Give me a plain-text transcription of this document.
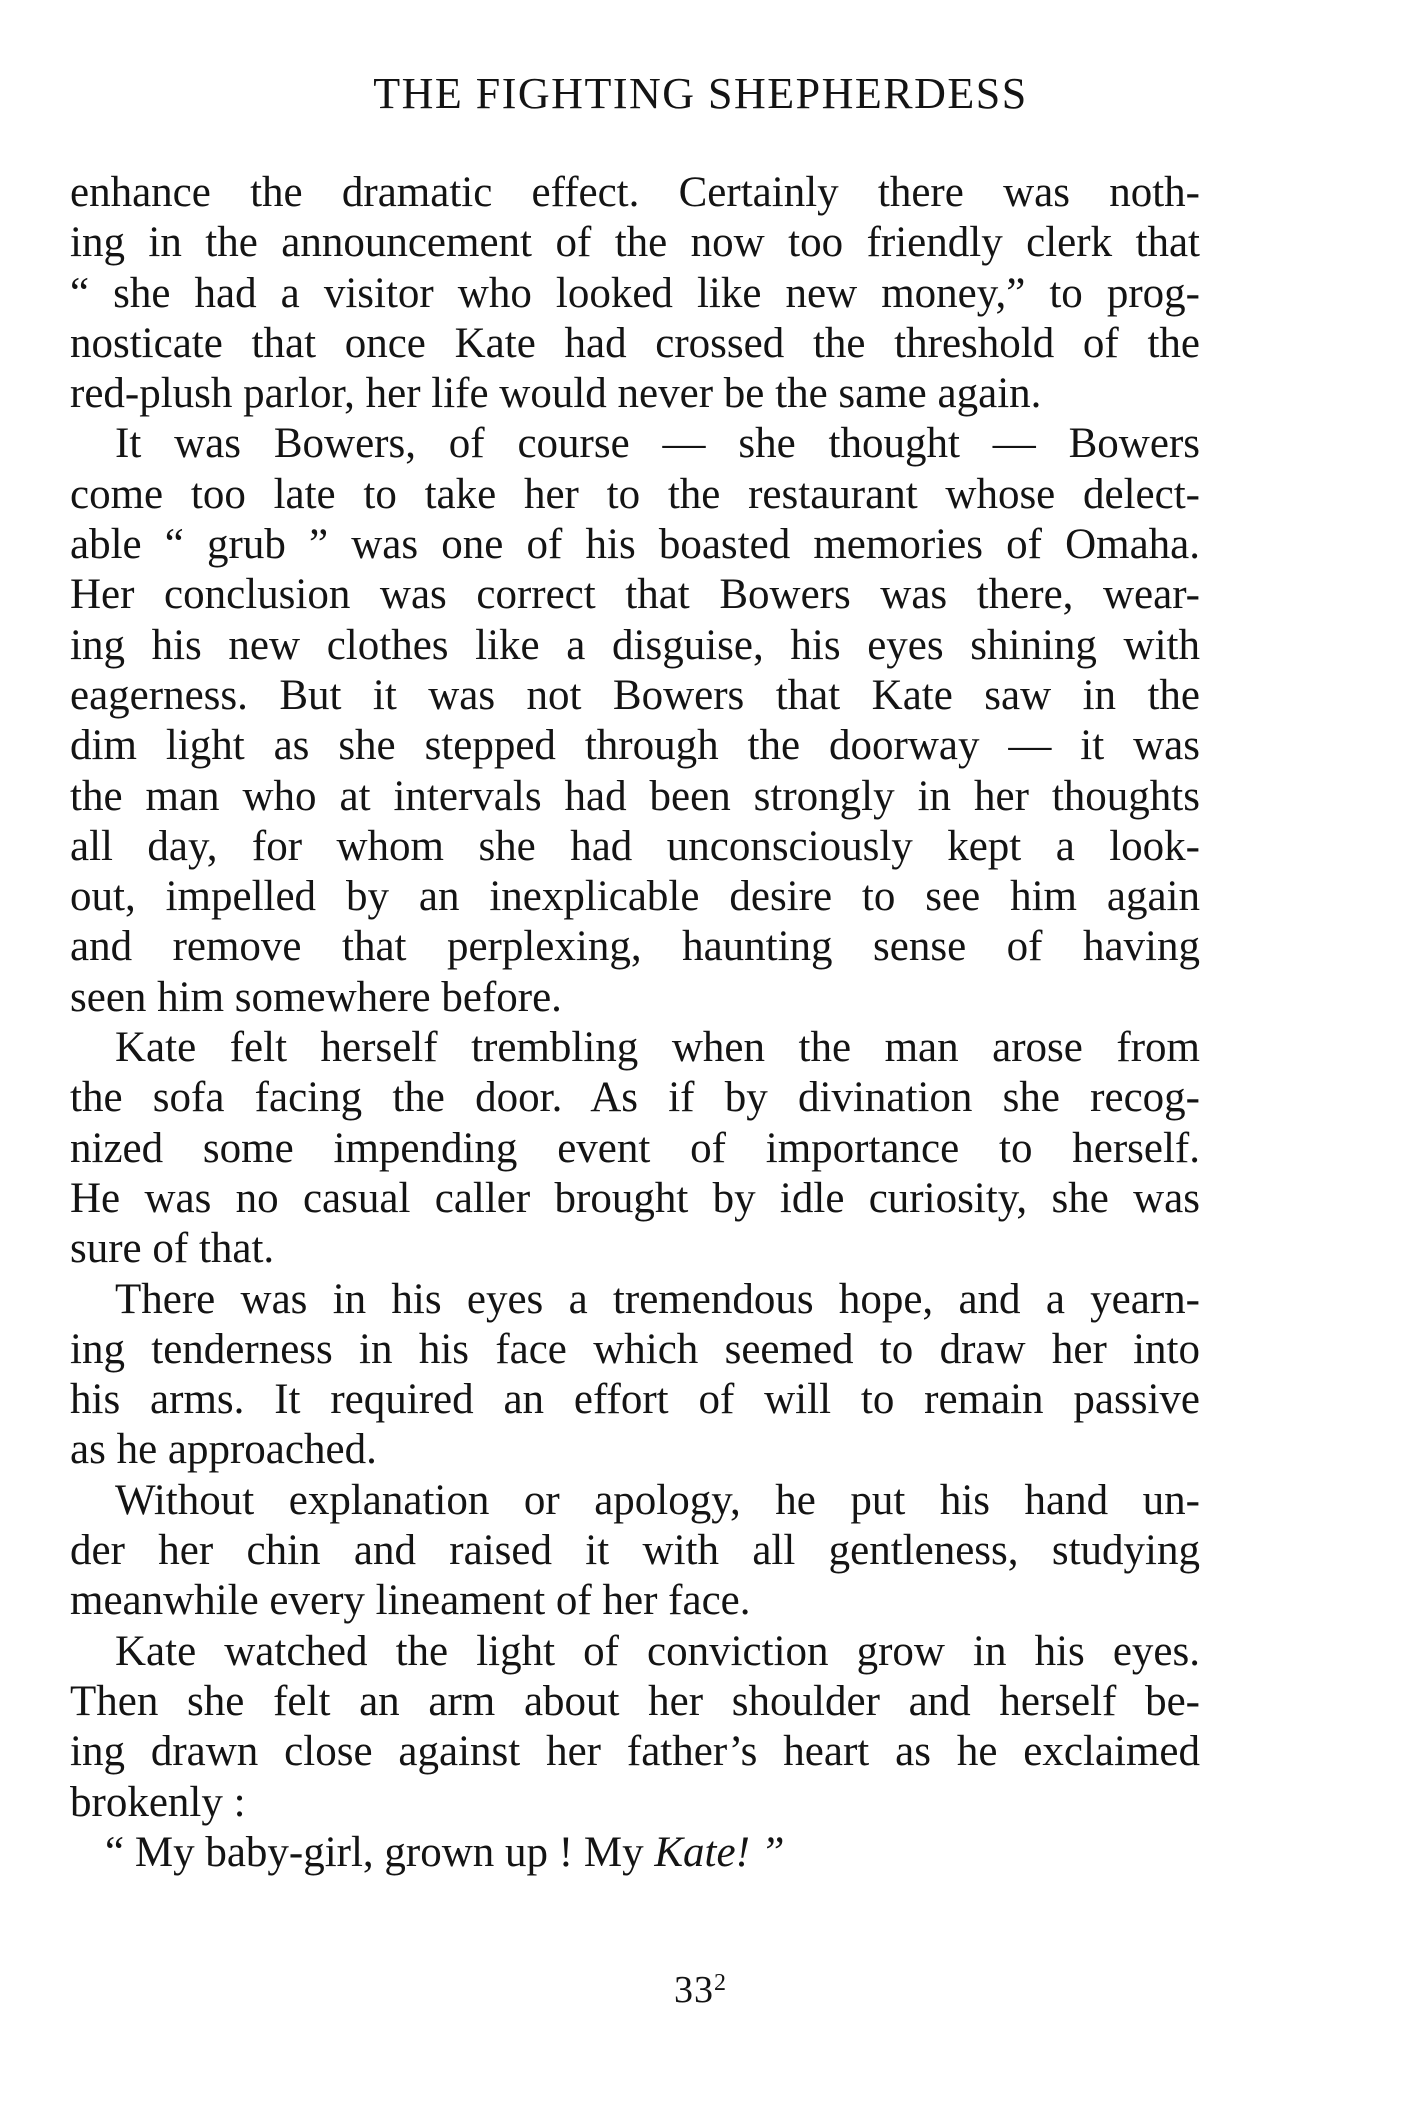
THE FIGHTING SHEPHERDESS
enhance the dramatic effect. Certainly there was noth-
ing in the announcement of the now too friendly clerk that
“ she had a visitor who looked like new money,” to prog-
nosticate that once Kate had crossed the threshold of the
red-plush parlor, her life would never be the same again.
It was Bowers, of course — she thought — Bowers
come too late to take her to the restaurant whose delect-
able “ grub ” was one of his boasted memories of Omaha.
Her conclusion was correct that Bowers was there, wear-
ing his new clothes like a disguise, his eyes shining with
eagerness. But it was not Bowers that Kate saw in the
dim light as she stepped through the doorway — it was
the man who at intervals had been strongly in her thoughts
all day, for whom she had unconsciously kept a look-
out, impelled by an inexplicable desire to see him again
and remove that perplexing, haunting sense of having
seen him somewhere before.
Kate felt herself trembling when the man arose from
the sofa facing the door. As if by divination she recog-
nized some impending event of importance to herself.
He was no casual caller brought by idle curiosity, she was
sure of that.
There was in his eyes a tremendous hope, and a yearn-
ing tenderness in his face which seemed to draw her into
his arms. It required an effort of will to remain passive
as he approached.
Without explanation or apology, he put his hand un-
der her chin and raised it with all gentleness, studying
meanwhile every lineament of her face.
Kate watched the light of conviction grow in his eyes.
Then she felt an arm about her shoulder and herself be-
ing drawn close against her father’s heart as he exclaimed
brokenly :
“ My baby-girl, grown up ! My Kate! ”
$33^2$
